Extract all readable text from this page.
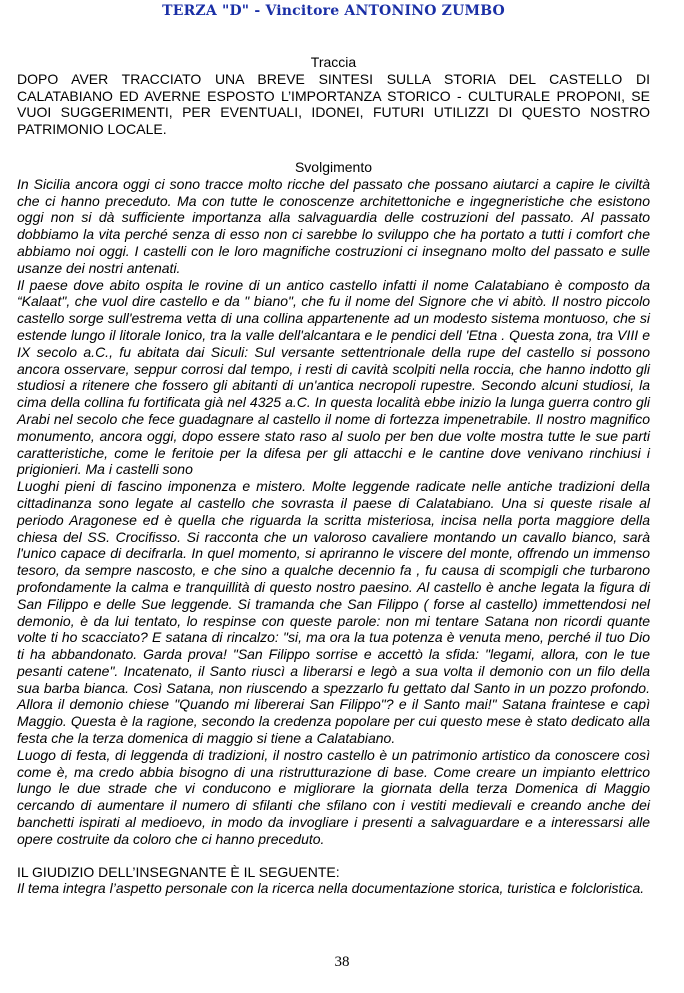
TERZA "D" - Vincitore ANTONINO ZUMBO
Traccia

DOPO AVER TRACCIATO UNA BREVE SINTESI SULLA STORIA DEL CASTELLO DI CALATABIANO ED AVERNE ESPOSTO L’IMPORTANZA STORICO - CULTURALE PROPONI, SE VUOI SUGGERIMENTI, PER EVENTUALI, IDONEI, FUTURI UTILIZZI DI QUESTO NOSTRO PATRIMONIO LOCALE.

Svolgimento

In Sicilia ancora oggi ci sono tracce molto ricche del passato che possano aiutarci a capire le civiltà che ci hanno preceduto. Ma con tutte le conoscenze architettoniche e ingegneristiche che esistono oggi non si dà sufficiente importanza alla salvaguardia delle costruzioni del passato. Al passato dobbiamo la vita perché senza di esso non ci sarebbe lo sviluppo che ha portato a tutti i comfort che abbiamo noi oggi. I castelli con le loro magnifiche costruzioni ci insegnano molto del passato e sulle usanze dei nostri antenati.

Il paese dove abito ospita le rovine di un antico castello infatti il nome Calatabiano è composto da “Kalaat", che vuol dire castello e da " biano", che fu il nome del Signore che vi abitò. Il nostro piccolo castello sorge sull'estrema vetta di una collina appartenente ad un modesto sistema montuoso, che si estende lungo il litorale Ionico, tra la valle dell'alcantara e le pendici dell 'Etna . Questa zona, tra VIII e IX secolo a.C., fu abitata dai Siculi: Sul versante settentrionale della rupe del castello si possono ancora osservare, seppur corrosi dal tempo, i resti di cavità scolpiti nella roccia, che hanno indotto gli studiosi a ritenere che fossero gli abitanti di un'antica necropoli rupestre. Secondo alcuni studiosi, la cima della collina fu fortificata già nel 4325 a.C. In questa località ebbe inizio la lunga guerra contro gli Arabi nel secolo che fece guadagnare al castello il nome di fortezza impenetrabile. Il nostro magnifico monumento, ancora oggi, dopo essere stato raso al suolo per ben due volte mostra tutte le sue parti caratteristiche, come le feritoie per la difesa per gli attacchi e le cantine dove venivano rinchiusi i prigionieri. Ma i castelli sono

Luoghi pieni di fascino imponenza e mistero. Molte leggende radicate nelle antiche tradizioni della cittadinanza sono legate al castello che sovrasta il paese di Calatabiano. Una si queste risale al periodo Aragonese ed è quella che riguarda la scritta misteriosa, incisa nella porta maggiore della chiesa del SS. Crocifisso. Si racconta che un valoroso cavaliere montando un cavallo bianco, sarà l'unico capace di decifrarla. In quel momento, si apriranno le viscere del monte, offrendo un immenso tesoro, da sempre nascosto, e che sino a qualche decennio fa , fu causa di scompigli che turbarono profondamente la calma e tranquillità di questo nostro paesino. Al castello è anche legata la figura di San Filippo e delle Sue leggende. Si tramanda che San Filippo ( forse al castello) immettendosi nel demonio, è da lui tentato, lo respinse con queste parole: non mi tentare Satana non ricordi quante volte ti ho scacciato? E satana di rincalzo: "si, ma ora la tua potenza è venuta meno, perché il tuo Dio ti ha abbandonato. Garda prova! "San Filippo sorrise e accettò la sfida: "legami, allora, con le tue pesanti catene". Incatenato, il Santo riuscì a liberarsi e legò a sua volta il demonio con un filo della sua barba bianca. Così Satana, non riuscendo a spezzarlo fu gettato dal Santo in un pozzo profondo. Allora il demonio chiese "Quando mi libererai San Filippo"? e il Santo mai!" Satana fraintese e capì Maggio. Questa è la ragione, secondo la credenza popolare per cui questo mese è stato dedicato alla festa che la terza domenica di maggio si tiene a Calatabiano.

Luogo di festa, di leggenda di tradizioni, il nostro castello è un patrimonio artistico da conoscere così come è, ma credo abbia bisogno di una ristrutturazione di base. Come creare un impianto elettrico lungo le due strade che vi conducono e migliorare la giornata della terza Domenica di Maggio cercando di aumentare il numero di sfilanti che sfilano con i vestiti medievali e creando anche dei banchetti ispirati al medioevo, in modo da invogliare i presenti a salvaguardare e a interessarsi alle opere costruite da coloro che ci hanno preceduto.

IL GIUDIZIO DELL’INSEGNANTE È IL SEGUENTE:

Il tema integra l’aspetto personale con la ricerca nella documentazione storica, turistica e folcloristica.

38
